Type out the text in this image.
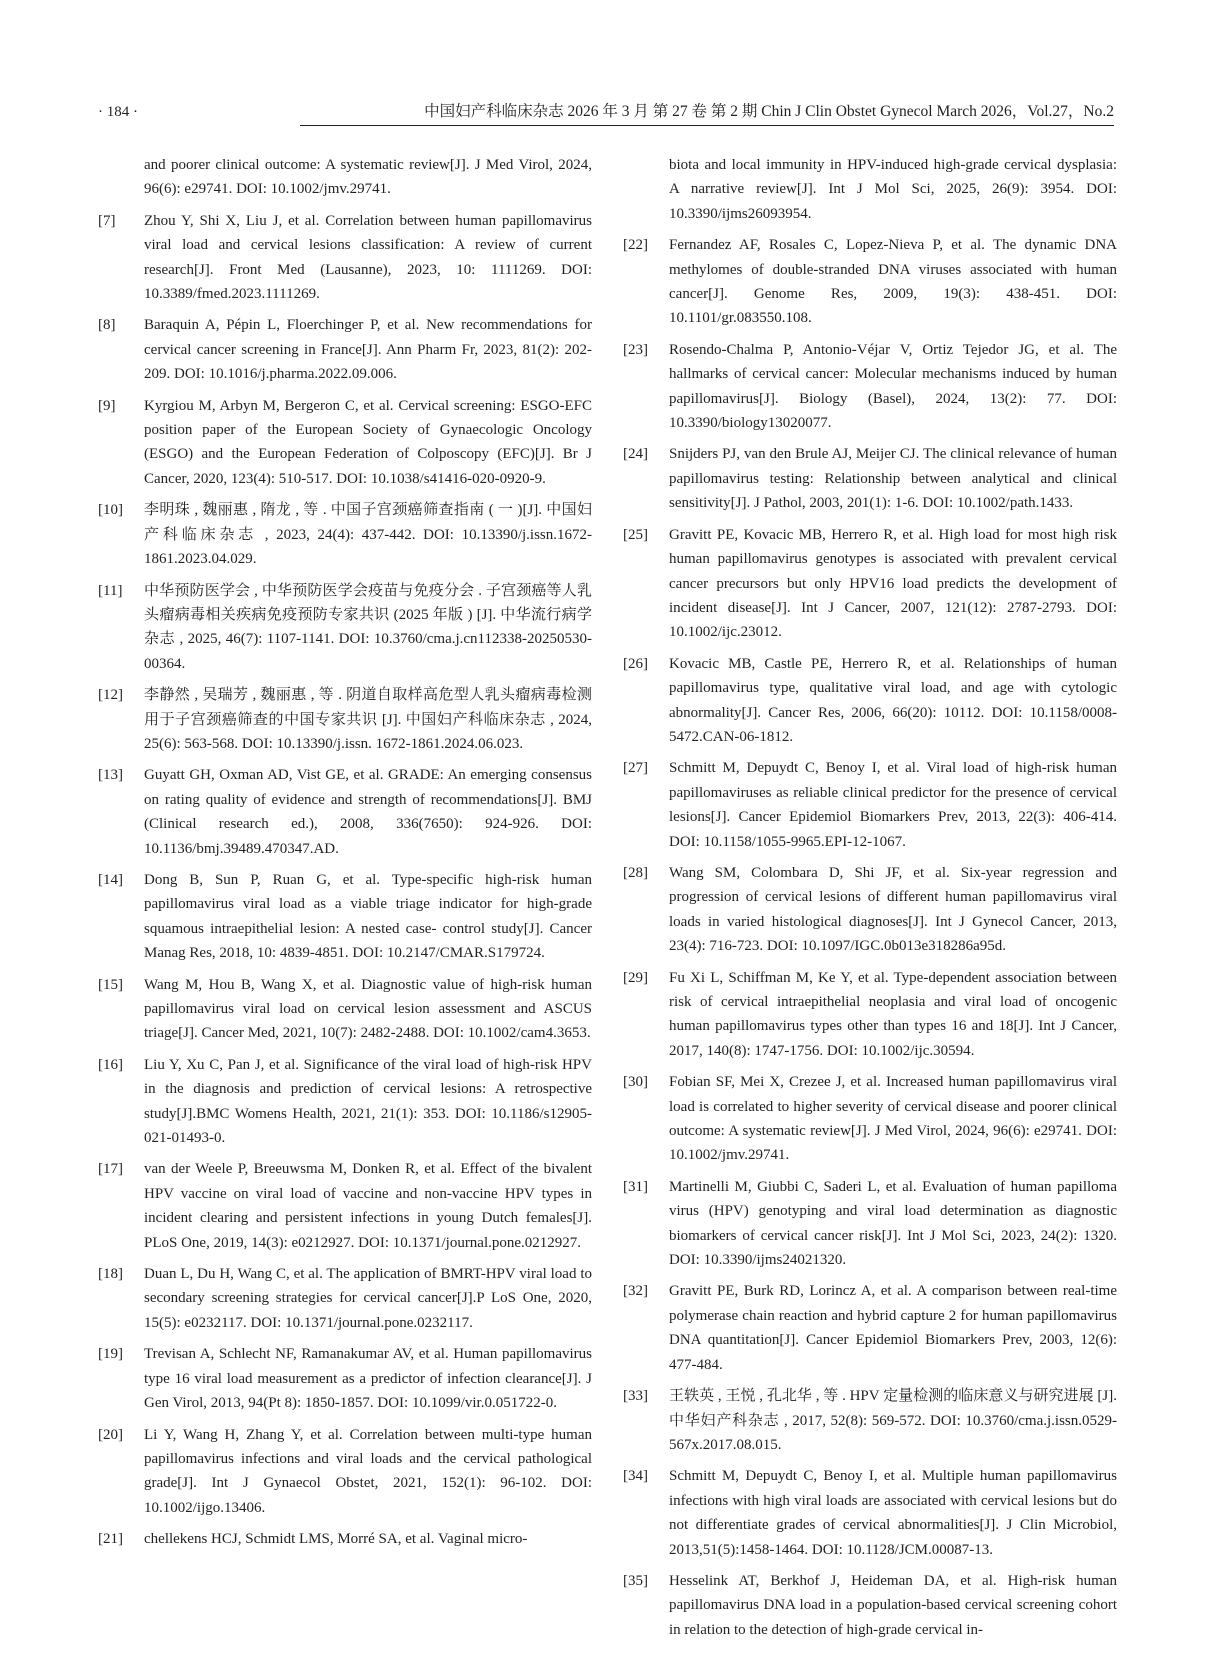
· 184 ·	中国妇产科临床杂志 2026 年 3 月 第 27 卷 第 2 期 Chin J Clin Obstet Gynecol March 2026，Vol.27，No.2
and poorer clinical outcome: A systematic review[J]. J Med Virol, 2024, 96(6): e29741. DOI: 10.1002/jmv.29741.
[7]	Zhou Y, Shi X, Liu J, et al. Correlation between human papillomavirus viral load and cervical lesions classification: A review of current research[J]. Front Med (Lausanne), 2023, 10: 1111269. DOI: 10.3389/fmed.2023.1111269.
[8]	Baraquin A, Pépin L, Floerchinger P, et al. New recommendations for cervical cancer screening in France[J]. Ann Pharm Fr, 2023, 81(2): 202-209. DOI: 10.1016/j.pharma.2022.09.006.
[9]	Kyrgiou M, Arbyn M, Bergeron C, et al. Cervical screening: ESGO-EFC position paper of the European Society of Gynaecologic Oncology (ESGO) and the European Federation of Colposcopy (EFC)[J]. Br J Cancer, 2020, 123(4): 510-517. DOI: 10.1038/s41416-020-0920-9.
[10]	李明珠 , 魏丽惠 , 隋龙 , 等 . 中国子宫颈癌筛查指南 ( 一 )[J]. 中国妇产科临床杂志 , 2023, 24(4): 437-442. DOI: 10.13390/j.issn.1672-1861.2023.04.029.
[11]	中华预防医学会 , 中华预防医学会疫苗与免疫分会 . 子宫颈癌等人乳头瘤病毒相关疾病免疫预防专家共识 (2025 年版 ) [J]. 中华流行病学杂志 , 2025, 46(7): 1107-1141. DOI: 10.3760/cma.j.cn112338-20250530-00364.
[12]	李静然 , 吴瑞芳 , 魏丽惠 , 等 . 阴道自取样高危型人乳头瘤病毒检测用于子宫颈癌筛查的中国专家共识 [J]. 中国妇产科临床杂志 , 2024, 25(6): 563-568. DOI: 10.13390/j.issn. 1672-1861.2024.06.023.
[13]	Guyatt GH, Oxman AD, Vist GE, et al. GRADE: An emerging consensus on rating quality of evidence and strength of recommendations[J]. BMJ (Clinical research ed.), 2008, 336(7650): 924-926. DOI: 10.1136/bmj.39489.470347.AD.
[14]	Dong B, Sun P, Ruan G, et al. Type-specific high-risk human papillomavirus viral load as a viable triage indicator for high-grade squamous intraepithelial lesion: A nested case- control study[J]. Cancer Manag Res, 2018, 10: 4839-4851. DOI: 10.2147/CMAR.S179724.
[15]	Wang M, Hou B, Wang X, et al. Diagnostic value of high-risk human papillomavirus viral load on cervical lesion assessment and ASCUS triage[J]. Cancer Med, 2021, 10(7): 2482-2488. DOI: 10.1002/cam4.3653.
[16]	Liu Y, Xu C, Pan J, et al. Significance of the viral load of high-risk HPV in the diagnosis and prediction of cervical lesions: A retrospective study[J].BMC Womens Health, 2021, 21(1): 353. DOI: 10.1186/s12905-021-01493-0.
[17]	van der Weele P, Breeuwsma M, Donken R, et al. Effect of the bivalent HPV vaccine on viral load of vaccine and non-vaccine HPV types in incident clearing and persistent infections in young Dutch females[J]. PLoS One, 2019, 14(3): e0212927. DOI: 10.1371/journal.pone.0212927.
[18]	Duan L, Du H, Wang C, et al. The application of BMRT-HPV viral load to secondary screening strategies for cervical cancer[J].P LoS One, 2020, 15(5): e0232117. DOI: 10.1371/journal.pone.0232117.
[19]	Trevisan A, Schlecht NF, Ramanakumar AV, et al. Human papillomavirus type 16 viral load measurement as a predictor of infection clearance[J]. J Gen Virol, 2013, 94(Pt 8): 1850-1857. DOI: 10.1099/vir.0.051722-0.
[20]	Li Y, Wang H, Zhang Y, et al. Correlation between multi-type human papillomavirus infections and viral loads and the cervical pathological grade[J]. Int J Gynaecol Obstet, 2021, 152(1): 96-102. DOI: 10.1002/ijgo.13406.
[21]	chellekens HCJ, Schmidt LMS, Morré SA, et al. Vaginal micro-
biota and local immunity in HPV-induced high-grade cervical dysplasia: A narrative review[J]. Int J Mol Sci, 2025, 26(9): 3954. DOI: 10.3390/ijms26093954.
[22]	Fernandez AF, Rosales C, Lopez-Nieva P, et al. The dynamic DNA methylomes of double-stranded DNA viruses associated with human cancer[J]. Genome Res, 2009, 19(3): 438-451. DOI: 10.1101/gr.083550.108.
[23]	Rosendo-Chalma P, Antonio-Véjar V, Ortiz Tejedor JG, et al. The hallmarks of cervical cancer: Molecular mechanisms induced by human papillomavirus[J]. Biology (Basel), 2024, 13(2): 77. DOI: 10.3390/biology13020077.
[24]	Snijders PJ, van den Brule AJ, Meijer CJ. The clinical relevance of human papillomavirus testing: Relationship between analytical and clinical sensitivity[J]. J Pathol, 2003, 201(1): 1-6. DOI: 10.1002/path.1433.
[25]	Gravitt PE, Kovacic MB, Herrero R, et al. High load for most high risk human papillomavirus genotypes is associated with prevalent cervical cancer precursors but only HPV16 load predicts the development of incident disease[J]. Int J Cancer, 2007, 121(12): 2787-2793. DOI: 10.1002/ijc.23012.
[26]	Kovacic MB, Castle PE, Herrero R, et al. Relationships of human papillomavirus type, qualitative viral load, and age with cytologic abnormality[J]. Cancer Res, 2006, 66(20): 10112. DOI: 10.1158/0008-5472.CAN-06-1812.
[27]	Schmitt M, Depuydt C, Benoy I, et al. Viral load of high-risk human papillomaviruses as reliable clinical predictor for the presence of cervical lesions[J]. Cancer Epidemiol Biomarkers Prev, 2013, 22(3): 406-414. DOI: 10.1158/1055-9965.EPI-12-1067.
[28]	Wang SM, Colombara D, Shi JF, et al. Six-year regression and progression of cervical lesions of different human papillomavirus viral loads in varied histological diagnoses[J]. Int J Gynecol Cancer, 2013, 23(4): 716-723. DOI: 10.1097/IGC.0b013e318286a95d.
[29]	Fu Xi L, Schiffman M, Ke Y, et al. Type-dependent association between risk of cervical intraepithelial neoplasia and viral load of oncogenic human papillomavirus types other than types 16 and 18[J]. Int J Cancer, 2017, 140(8): 1747-1756. DOI: 10.1002/ijc.30594.
[30]	Fobian SF, Mei X, Crezee J, et al. Increased human papillomavirus viral load is correlated to higher severity of cervical disease and poorer clinical outcome: A systematic review[J]. J Med Virol, 2024, 96(6): e29741. DOI: 10.1002/jmv.29741.
[31]	Martinelli M, Giubbi C, Saderi L, et al. Evaluation of human papilloma virus (HPV) genotyping and viral load determination as diagnostic biomarkers of cervical cancer risk[J]. Int J Mol Sci, 2023, 24(2): 1320. DOI: 10.3390/ijms24021320.
[32]	Gravitt PE, Burk RD, Lorincz A, et al. A comparison between real-time polymerase chain reaction and hybrid capture 2 for human papillomavirus DNA quantitation[J]. Cancer Epidemiol Biomarkers Prev, 2003, 12(6): 477-484.
[33]	王轶英 , 王悦 , 孔北华 , 等 . HPV 定量检测的临床意义与研究进展 [J]. 中华妇产科杂志 , 2017, 52(8): 569-572. DOI: 10.3760/cma.j.issn.0529-567x.2017.08.015.
[34]	Schmitt M, Depuydt C, Benoy I, et al. Multiple human papillomavirus infections with high viral loads are associated with cervical lesions but do not differentiate grades of cervical abnormalities[J]. J Clin Microbiol, 2013,51(5):1458-1464. DOI: 10.1128/JCM.00087-13.
[35]	Hesselink AT, Berkhof J, Heideman DA, et al. High-risk human papillomavirus DNA load in a population-based cervical screening cohort in relation to the detection of high-grade cervical in-
